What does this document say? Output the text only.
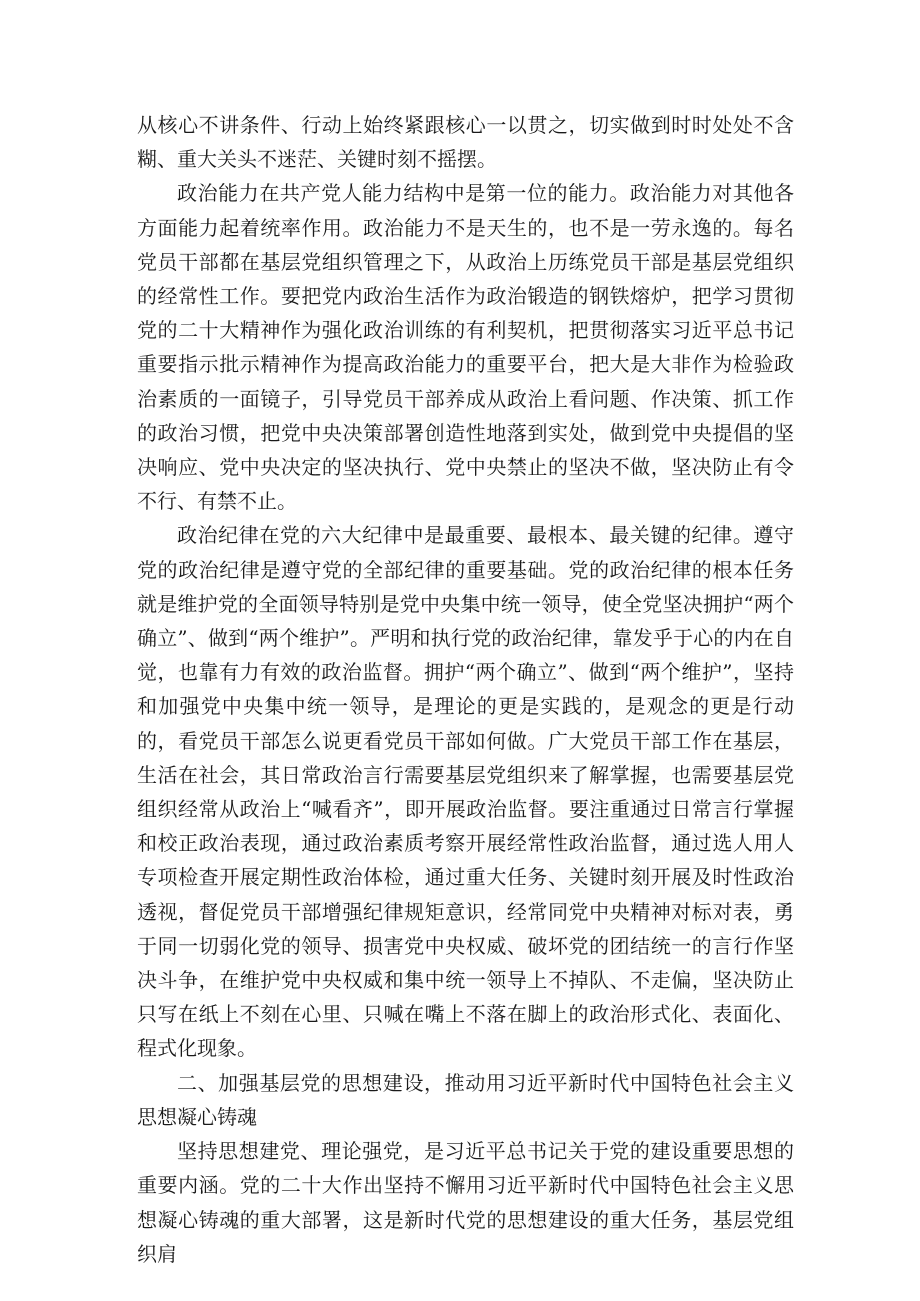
从核心不讲条件、行动上始终紧跟核心一以贯之，切实做到时时处处不含糊、重大关头不迷茫、关键时刻不摇摆。

政治能力在共产党人能力结构中是第一位的能力。政治能力对其他各方面能力起着统率作用。政治能力不是天生的，也不是一劳永逸的。每名党员干部都在基层党组织管理之下，从政治上历练党员干部是基层党组织的经常性工作。要把党内政治生活作为政治锻造的钢铁熔炉，把学习贯彻党的二十大精神作为强化政治训练的有利契机，把贯彻落实习近平总书记重要指示批示精神作为提高政治能力的重要平台，把大是大非作为检验政治素质的一面镜子，引导党员干部养成从政治上看问题、作决策、抓工作的政治习惯，把党中央决策部署创造性地落到实处，做到党中央提倡的坚决响应、党中央决定的坚决执行、党中央禁止的坚决不做，坚决防止有令不行、有禁不止。

政治纪律在党的六大纪律中是最重要、最根本、最关键的纪律。遵守党的政治纪律是遵守党的全部纪律的重要基础。党的政治纪律的根本任务就是维护党的全面领导特别是党中央集中统一领导，使全党坚决拥护“两个确立”、做到“两个维护”。严明和执行党的政治纪律，靠发乎于心的内在自觉，也靠有力有效的政治监督。拥护“两个确立”、做到“两个维护”，坚持和加强党中央集中统一领导，是理论的更是实践的，是观念的更是行动的，看党员干部怎么说更看党员干部如何做。广大党员干部工作在基层，生活在社会，其日常政治言行需要基层党组织来了解掌握，也需要基层党组织经常从政治上“喊看齐”，即开展政治监督。要注重通过日常言行掌握和校正政治表现，通过政治素质考察开展经常性政治监督，通过选人用人专项检查开展定期性政治体检，通过重大任务、关键时刻开展及时性政治透视，督促党员干部增强纪律规矩意识，经常同党中央精神对标对表，勇于同一切弱化党的领导、损害党中央权威、破坏党的团结统一的言行作坚决斗争，在维护党中央权威和集中统一领导上不掉队、不走偏，坚决防止只写在纸上不刻在心里、只喊在嘴上不落在脚上的政治形式化、表面化、程式化现象。

二、加强基层党的思想建设，推动用习近平新时代中国特色社会主义思想凝心铸魂

坚持思想建党、理论强党，是习近平总书记关于党的建设重要思想的重要内涵。党的二十大作出坚持不懈用习近平新时代中国特色社会主义思想凝心铸魂的重大部署，这是新时代党的思想建设的重大任务，基层党组织肩
